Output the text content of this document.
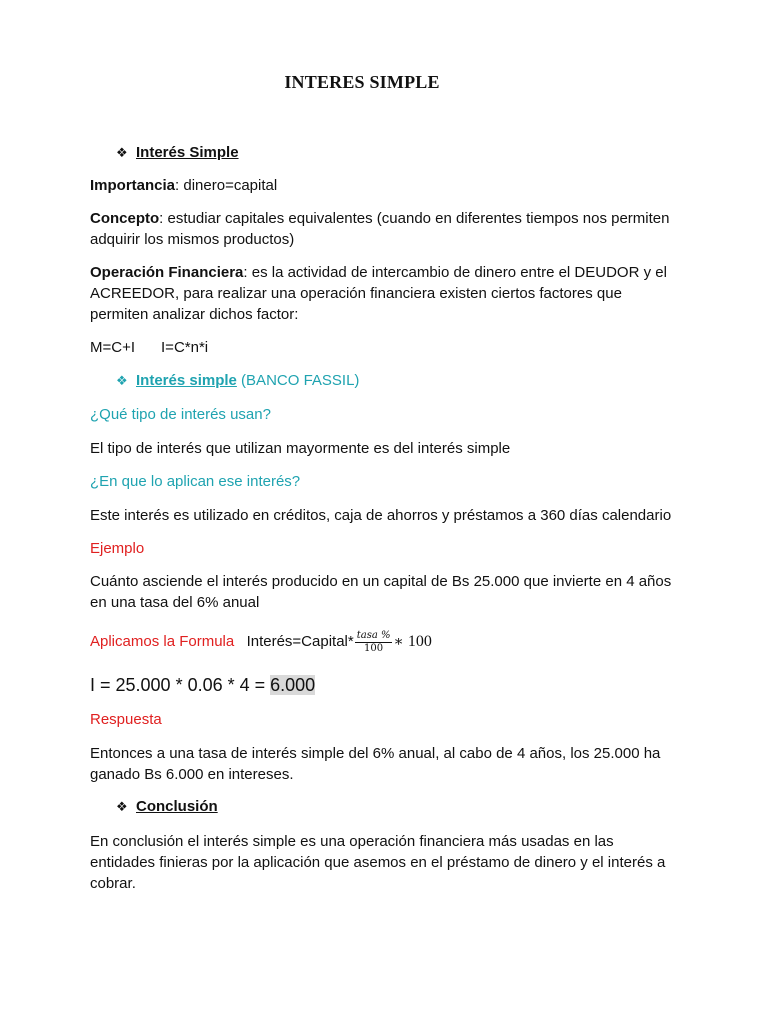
INTERES SIMPLE
❖ Interés Simple
Importancia: dinero=capital
Concepto: estudiar capitales equivalentes (cuando en diferentes tiempos nos permiten
adquirir los mismos productos)
Operación Financiera: es la actividad de intercambio de dinero entre el DEUDOR y el
ACREEDOR, para realizar una operación financiera existen ciertos factores que
permiten analizar dichos factor:
M=C+I I=C*n*i
❖ Interés simple (BANCO FASSIL)
¿Qué tipo de interés usan?
El tipo de interés que utilizan mayormente es del interés simple
¿En que lo aplican ese interés?
Este interés es utilizado en créditos, caja de ahorros y préstamos a 360 días calendario
Ejemplo
Cuánto asciende el interés producido en un capital de Bs 25.000 que invierte en 4 años
en una tasa del 6% anual
Aplicamos la Formula Interés=Capital* $\frac{\text{tasa \%}}{100}$ ∗ 100
I = 25.000 * 0.06 * 4 = 6.000
Respuesta
Entonces a una tasa de interés simple del 6% anual, al cabo de 4 años, los 25.000 ha
ganado Bs 6.000 en intereses.
❖ Conclusión
En conclusión el interés simple es una operación financiera más usadas en las
entidades finieras por la aplicación que asemos en el préstamo de dinero y el interés a
cobrar.
